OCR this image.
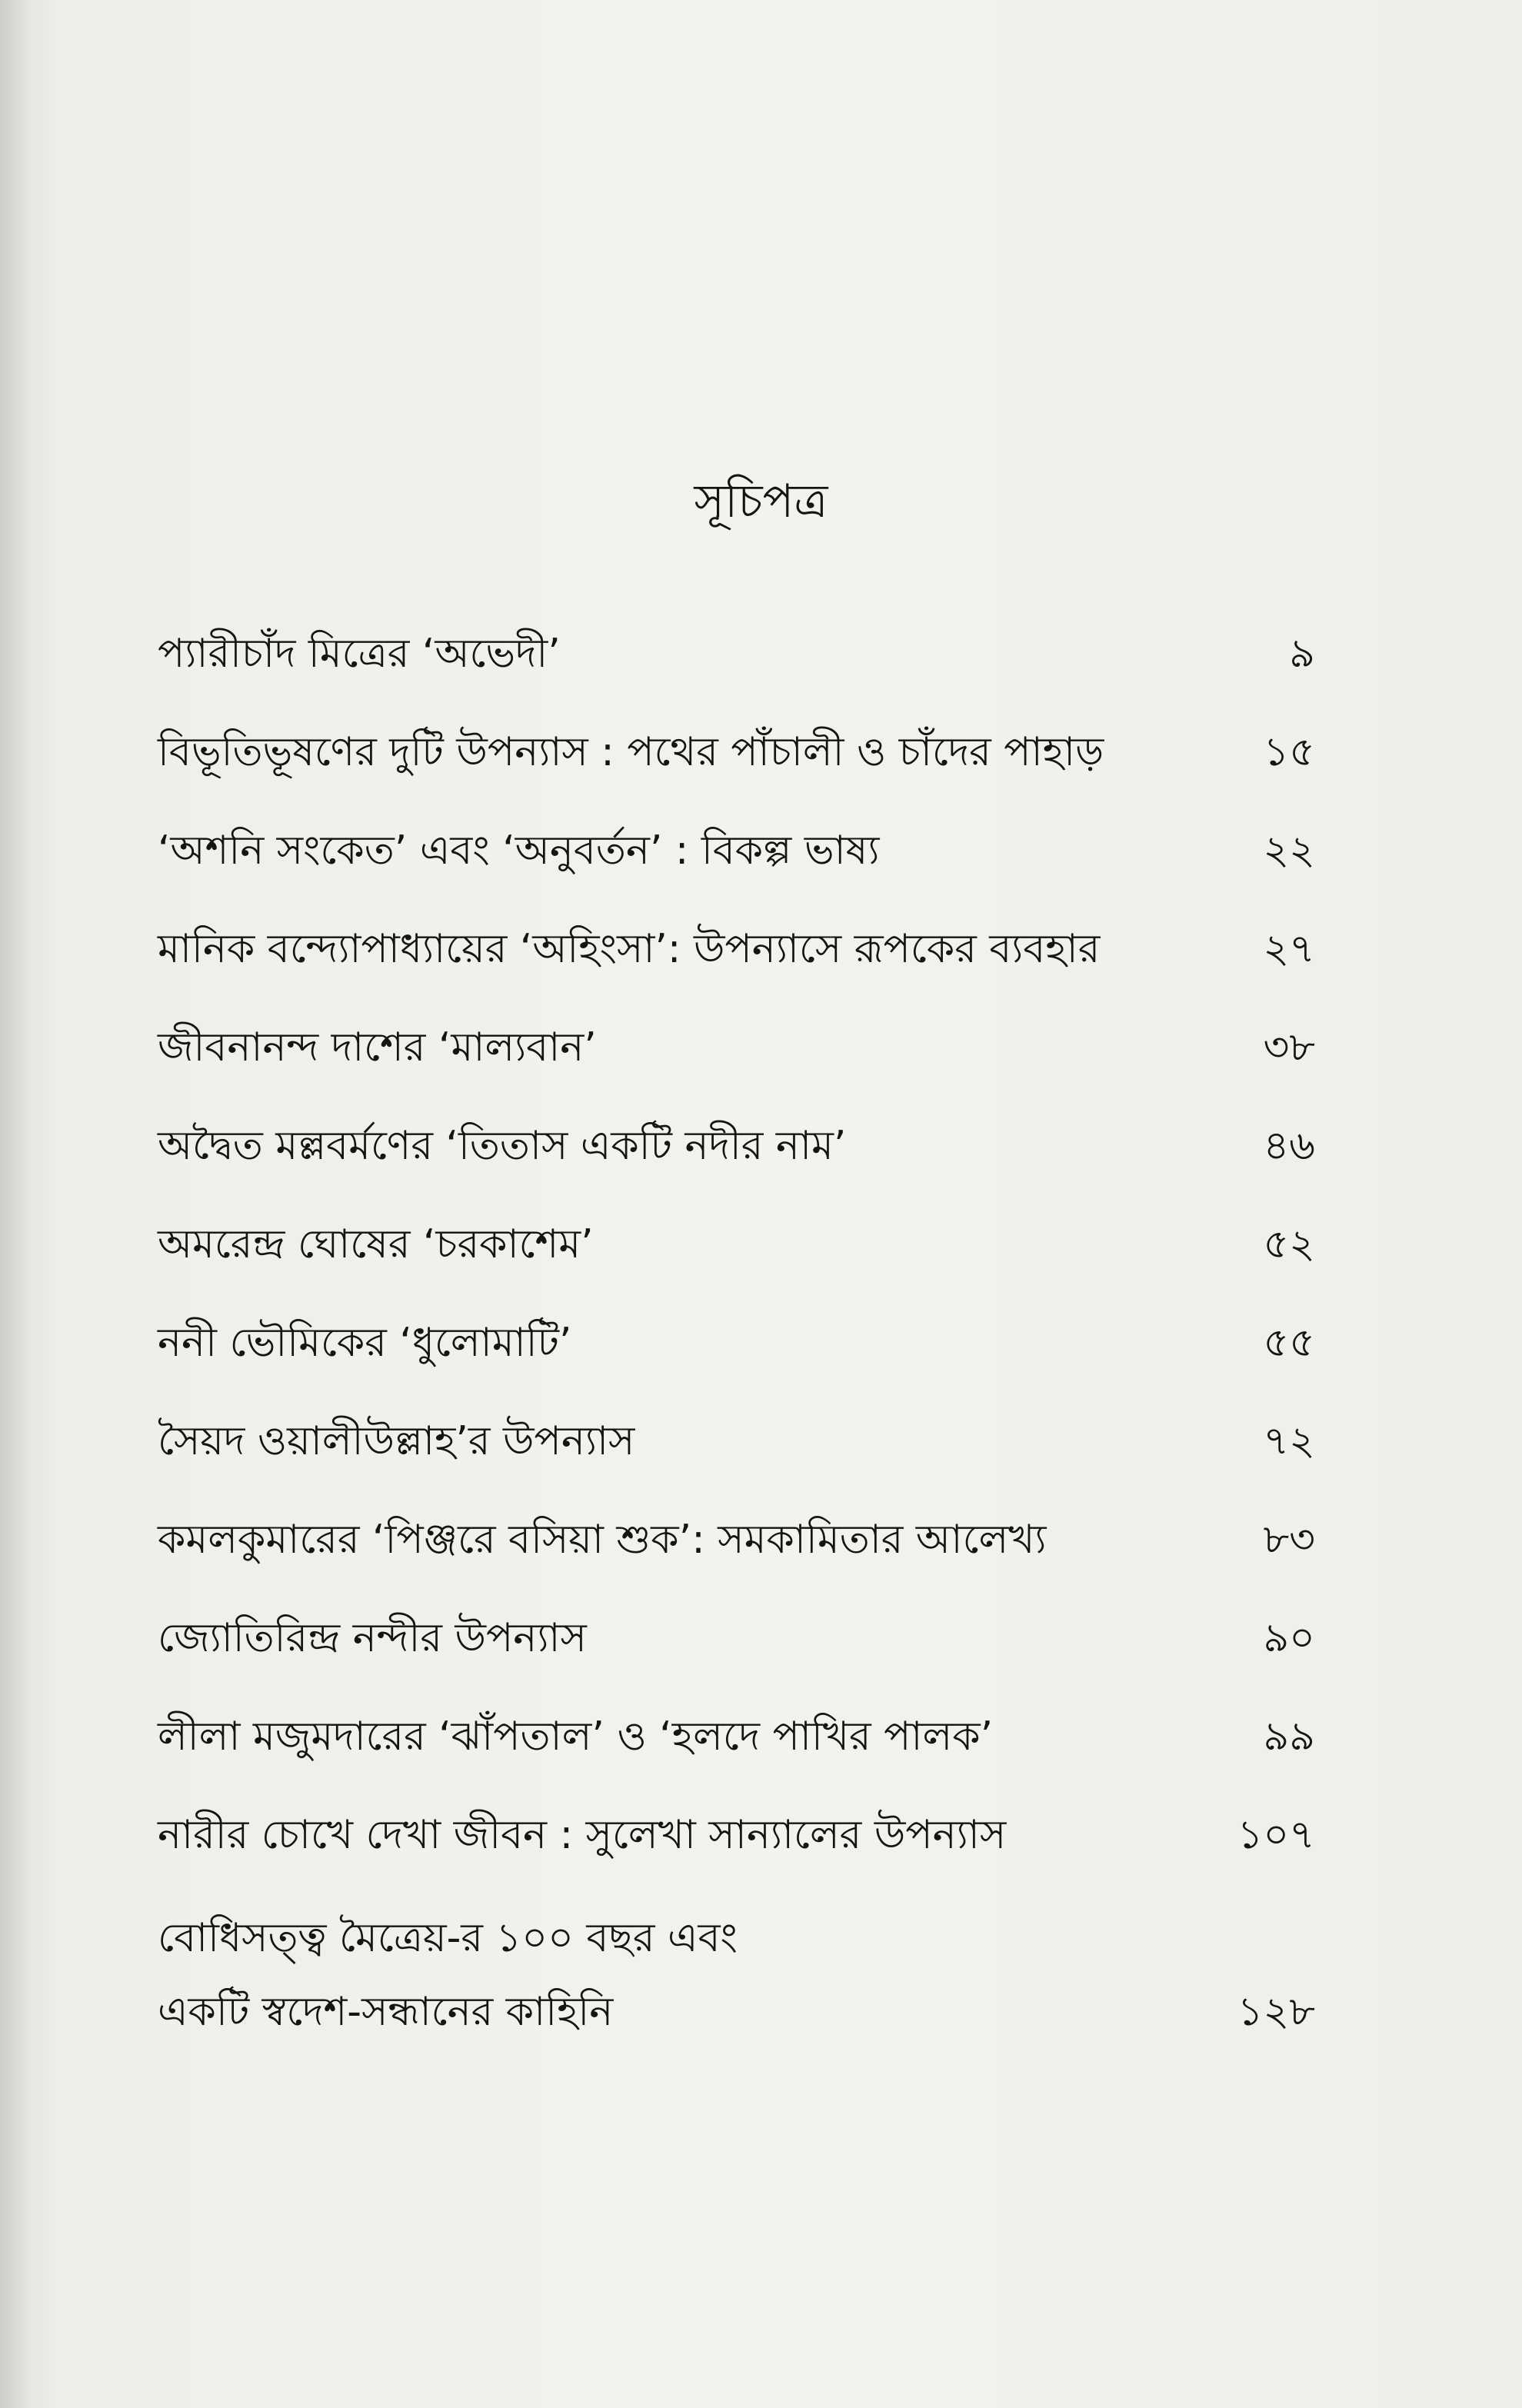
সূচিপত্র
প্যারীচাঁদ মিত্রের ‘অভেদী’	৯
বিভূতিভূষণের দুটি উপন্যাস : পথের পাঁচালী ও চাঁদের পাহাড়	১৫
‘অশনি সংকেত’ এবং ‘অনুবর্তন’ : বিকল্প ভাষ্য	২২
মানিক বন্দ্যোপাধ্যায়ের ‘অহিংসা’: উপন্যাসে রূপকের ব্যবহার	২৭
জীবনানন্দ দাশের ‘মাল্যবান’	৩৮
অদ্বৈত মল্লবর্মণের ‘তিতাস একটি নদীর নাম’	৪৬
অমরেন্দ্র ঘোষের ‘চরকাশেম’	৫২
ননী ভৌমিকের ‘ধুলোমাটি’	৫৫
সৈয়দ ওয়ালীউল্লাহ’র উপন্যাস	৭২
কমলকুমারের ‘পিঞ্জরে বসিয়া শুক’: সমকামিতার আলেখ্য	৮৩
জ্যোতিরিন্দ্র নন্দীর উপন্যাস	৯০
লীলা মজুমদারের ‘ঝাঁপতাল’ ও ‘হলদে পাখির পালক’	৯৯
নারীর চোখে দেখা জীবন : সুলেখা সান্যালের উপন্যাস	১০৭
বোধিসত্ত্ব মৈত্রেয়-র ১০০ বছর এবং
একটি স্বদেশ-সন্ধানের কাহিনি	১২৮
